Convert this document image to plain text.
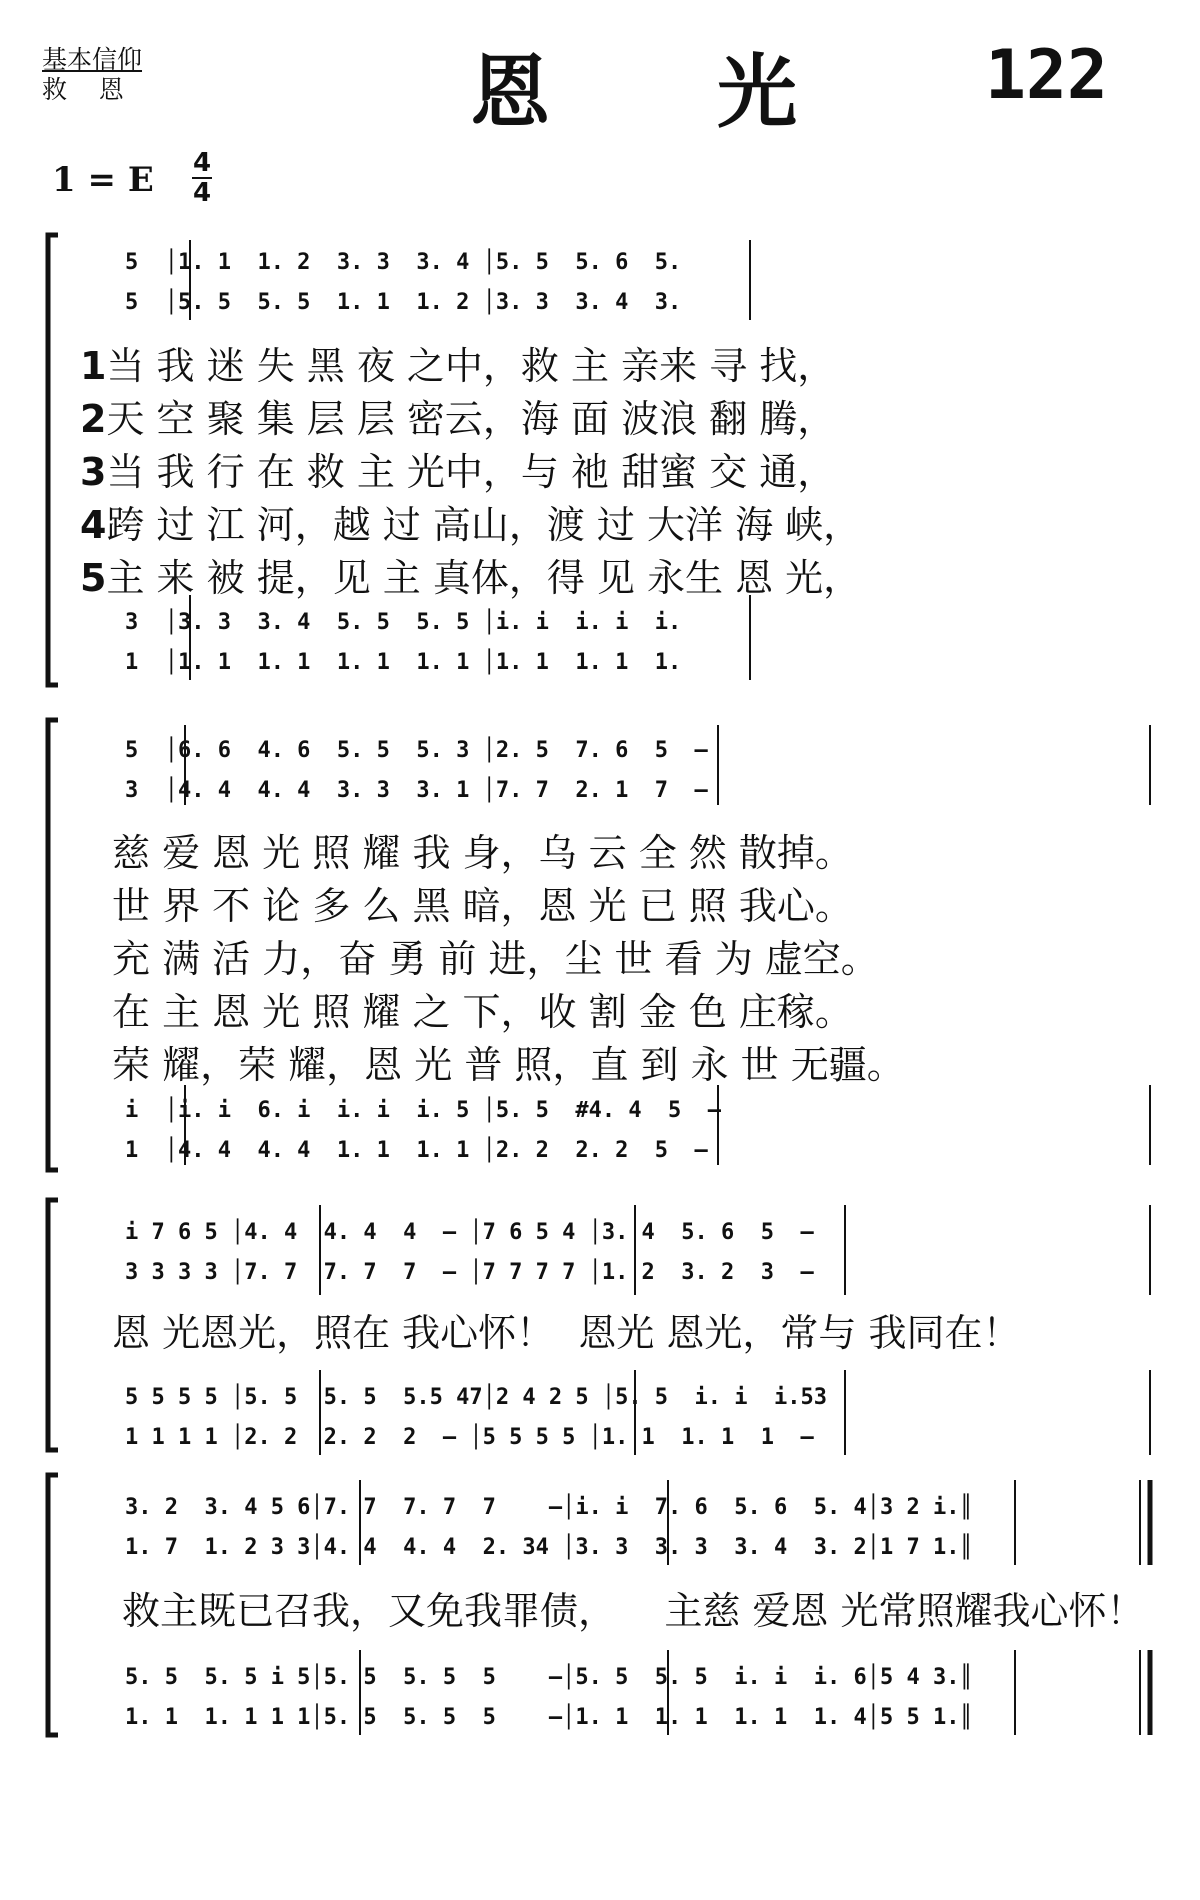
基本信仰
救    恩	恩      光	122
1 = E 4
4
5  │1. 1  1. 2  3. 3  3. 4 │5. 5  5. 6  5.
5  │5. 5  5. 5  1. 1  1. 2 │3. 3  3. 4  3.
1当 我 迷 失 黑 夜 之中，救 主 亲来 寻 找，
2天 空 聚 集 层 层 密云，海 面 波浪 翻 腾，
3当 我 行 在 救 主 光中，与 祂 甜蜜 交 通，
4跨 过 江 河，越 过 高山，渡 过 大洋 海 峡，
5主 来 被 提，见 主 真体，得 见 永生 恩 光，
3  │3. 3  3. 4  5. 5  5. 5 │i. i  i. i  i.
1  │1. 1  1. 1  1. 1  1. 1 │1. 1  1. 1  1.
5  │6. 6  4. 6  5. 5  5. 3 │2. 5  7. 6  5  –
3  │4. 4  4. 4  3. 3  3. 1 │7. 7  2. 1  7  –
慈 爱 恩 光 照 耀 我 身，乌 云 全 然 散掉。
世 界 不 论 多 么 黑 暗，恩 光 已 照 我心。
充 满 活 力，奋 勇 前 进，尘 世 看 为 虚空。
在 主 恩 光 照 耀 之 下，收 割 金 色 庄稼。
荣 耀，荣 耀，恩 光 普 照，直 到 永 世 无疆。
i  │i. i  6. i  i. i  i. 5 │5. 5  #4. 4  5  –
1  │4. 4  4. 4  1. 1  1. 1 │2. 2  2. 2  5  –
i 7 6 5 │4. 4  4. 4  4  – │7 6 5 4 │3. 4  5. 6  5  –
3 3 3 3 │7. 7  7. 7  7  – │7 7 7 7 │1. 2  3. 2  3  –
恩 光恩光，照在 我心怀！  恩光 恩光，常与 我同在！
5 5 5 5 │5. 5  5. 5  5.5 47│2 4 2 5 │5. 5  i. i  i.53
1 1 1 1 │2. 2  2. 2  2  – │5 5 5 5 │1. 1  1. 1  1  –
3. 2  3. 4 5 6│7. 7  7. 7  7    –│i. i  7. 6  5. 6  5. 4│3 2 i.║
1. 7  1. 2 3 3│4. 4  4. 4  2. 34 │3. 3  3. 3  3. 4  3. 2│1 7 1.║
救主既已召我，又免我罪债，    主慈 爱恩 光常照耀我心怀！
5. 5  5. 5 i 5│5. 5  5. 5  5    –│5. 5  5. 5  i. i  i. 6│5 4 3.║
1. 1  1. 1 1 1│5. 5  5. 5  5    –│1. 1  1. 1  1. 1  1. 4│5 5 1.║
